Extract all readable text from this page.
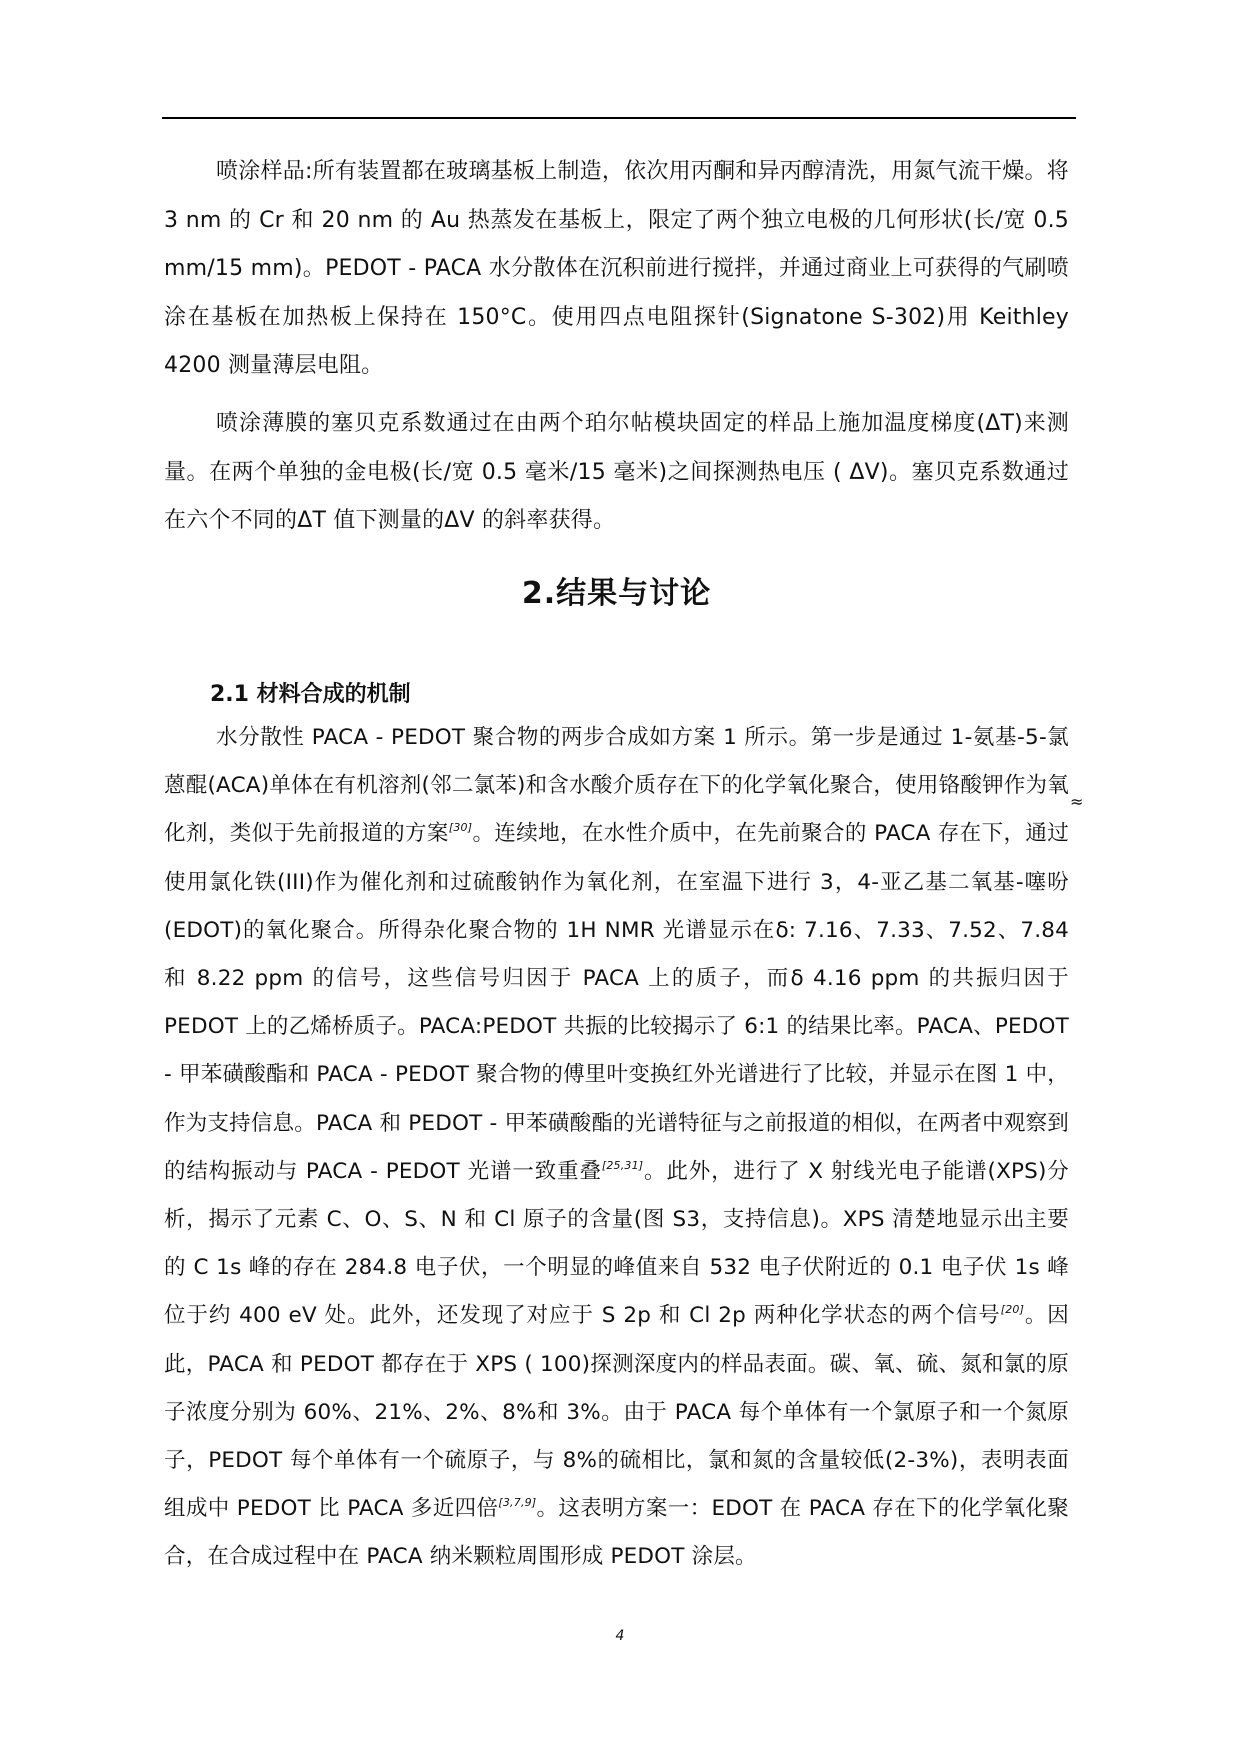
喷涂样品:所有装置都在玻璃基板上制造，依次用丙酮和异丙醇清洗，用氮气流干燥。将 3 nm 的 Cr 和 20 nm 的 Au 热蒸发在基板上，限定了两个独立电极的几何形状(长/宽 0.5 mm/15 mm)。PEDOT - PACA 水分散体在沉积前进行搅拌，并通过商业上可获得的气刷喷涂在基板在加热板上保持在 150°C。使用四点电阻探针(Signatone S-302)用 Keithley 4200 测量薄层电阻。

喷涂薄膜的塞贝克系数通过在由两个珀尔帖模块固定的样品上施加温度梯度(ΔT)来测量。在两个单独的金电极(长/宽 0.5 毫米/15 毫米)之间探测热电压 ( ΔV)。塞贝克系数通过在六个不同的ΔT 值下测量的ΔV 的斜率获得。

2.结果与讨论
2.1 材料合成的机制

水分散性 PACA - PEDOT 聚合物的两步合成如方案 1 所示。第一步是通过 1-氨基-5-氯蒽醌(ACA)单体在有机溶剂(邻二氯苯)和含水酸介质存在下的化学氧化聚合，使用铬酸钾作为氧化剂，类似于先前报道的方案[30]。连续地，在水性介质中，在先前聚合的 PACA 存在下，通过使用氯化铁(III)作为催化剂和过硫酸钠作为氧化剂，在室温下进行 3，4-亚乙基二氧基-噻吩(EDOT)的氧化聚合。所得杂化聚合物的 1H NMR 光谱显示在δ: 7.16、7.33、7.52、7.84 和 8.22 ppm 的信号，这些信号归因于 PACA 上的质子，而δ 4.16 ppm 的共振归因于 PEDOT 上的乙烯桥质子。PACA:PEDOT 共振的比较揭示了 6:1 的结果比率。PACA、PEDOT - 甲苯磺酸酯和 PACA - PEDOT 聚合物的傅里叶变换红外光谱进行了比较，并显示在图 1 中，作为支持信息。PACA 和 PEDOT - 甲苯磺酸酯的光谱特征与之前报道的相似，在两者中观察到的结构振动与 PACA - PEDOT 光谱一致重叠[25,31]。此外，进行了 X 射线光电子能谱(XPS)分析，揭示了元素 C、O、S、N 和 Cl 原子的含量(图 S3，支持信息)。XPS 清楚地显示出主要的 C 1s 峰的存在 284.8 电子伏，一个明显的峰值来自 532 电子伏附近的 0.1 电子伏 1s 峰位于约 400 eV 处。此外，还发现了对应于 S 2p 和 Cl 2p 两种化学状态的两个信号[20]。因此，PACA 和 PEDOT 都存在于 XPS ( 100)探测深度内的样品表面。碳、氧、硫、氮和氯的原子浓度分别为 60%、21%、2%、8%和 3%。由于 PACA 每个单体有一个氯原子和一个氮原子，PEDOT 每个单体有一个硫原子，与 8%的硫相比，氯和氮的含量较低(2-3%)，表明表面组成中 PEDOT 比 PACA 多近四倍[3,7,9]。这表明方案一：EDOT 在 PACA 存在下的化学氧化聚合，在合成过程中在 PACA 纳米颗粒周围形成 PEDOT 涂层。

≈
4
